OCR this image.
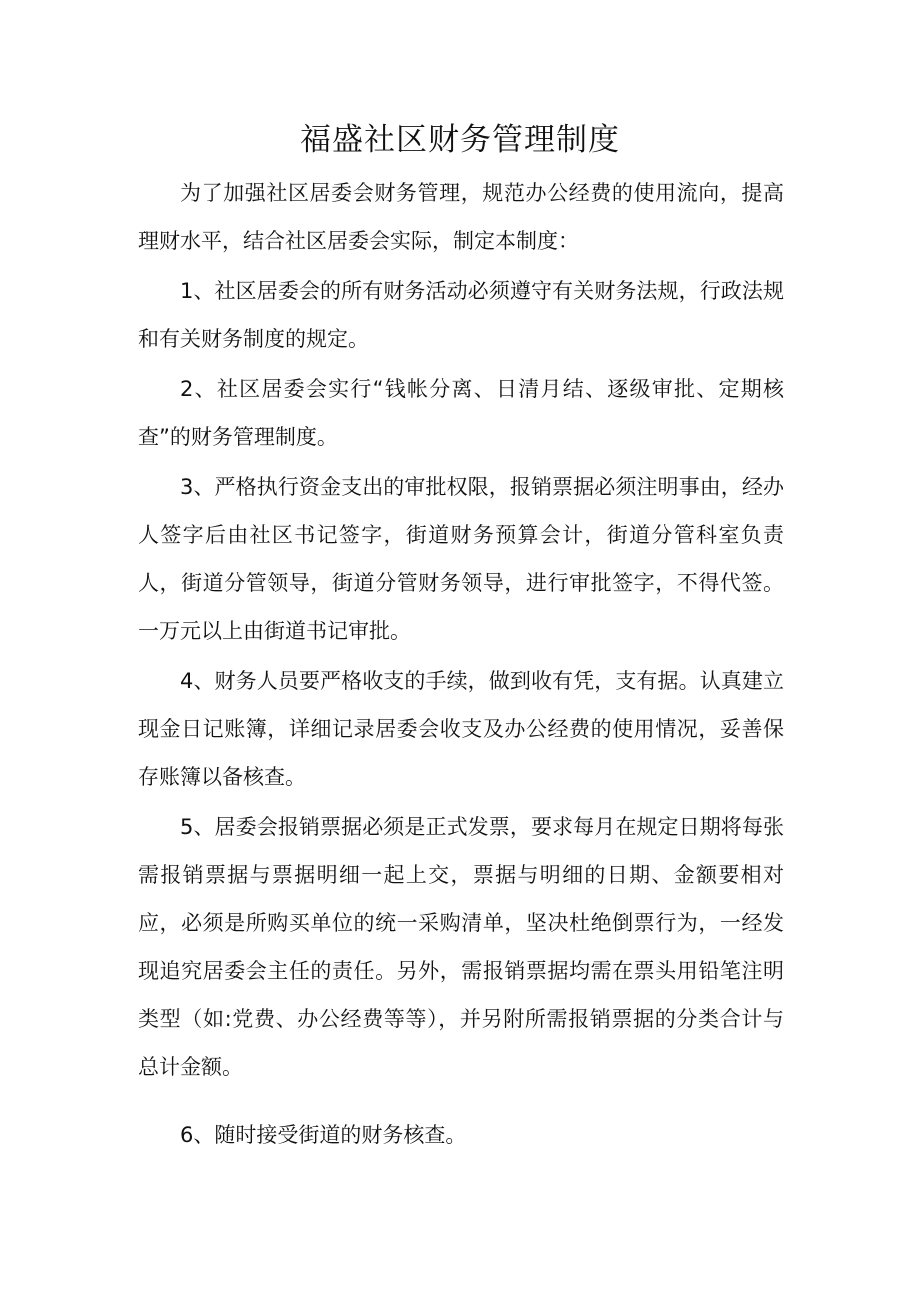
福盛社区财务管理制度

为了加强社区居委会财务管理，规范办公经费的使用流向，提高理财水平，结合社区居委会实际，制定本制度：

1、社区居委会的所有财务活动必须遵守有关财务法规，行政法规和有关财务制度的规定。

2、社区居委会实行“钱帐分离、日清月结、逐级审批、定期核查”的财务管理制度。

3、严格执行资金支出的审批权限，报销票据必须注明事由，经办人签字后由社区书记签字，街道财务预算会计，街道分管科室负责人，街道分管领导，街道分管财务领导，进行审批签字，不得代签。一万元以上由街道书记审批。

4、财务人员要严格收支的手续，做到收有凭，支有据。认真建立现金日记账簿，详细记录居委会收支及办公经费的使用情况，妥善保存账簿以备核查。

5、居委会报销票据必须是正式发票，要求每月在规定日期将每张需报销票据与票据明细一起上交，票据与明细的日期、金额要相对应，必须是所购买单位的统一采购清单，坚决杜绝倒票行为，一经发现追究居委会主任的责任。另外，需报销票据均需在票头用铅笔注明类型（如:党费、办公经费等等），并另附所需报销票据的分类合计与总计金额。

6、随时接受街道的财务核查。
